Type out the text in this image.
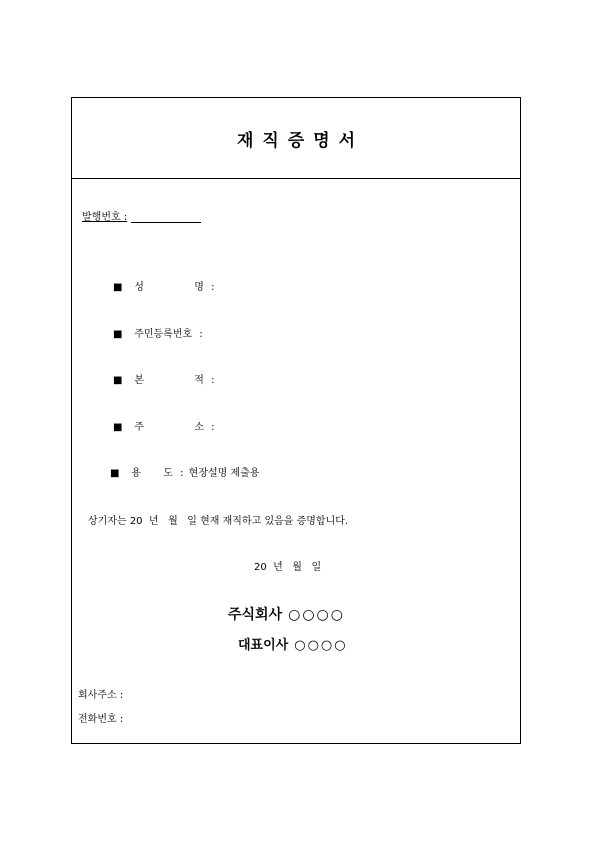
재직증명서
발행번호 :
■ 성	명 :
■ 주민등록번호 :
■ 본	적 :
■ 주	소 :
■ 용 도 : 현장설명 제출용
상기자는 20  년   월   일 현재 재직하고 있음을 증명합니다.
20  년   월   일
주식회사 ○○○○
대표이사 ○○○○
회사주소 :
전화번호 :
